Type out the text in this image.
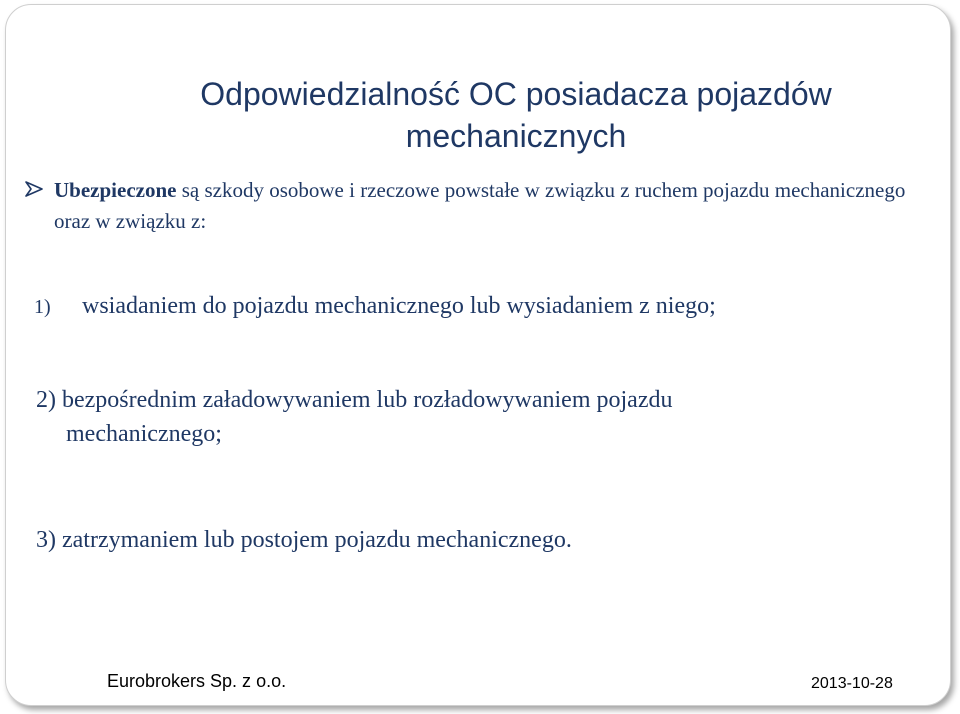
Odpowiedzialność OC posiadacza pojazdów
mechanicznych
Ubezpieczone są szkody osobowe i rzeczowe powstałe w związku z ruchem pojazdu mechanicznego oraz w związku z:
1) wsiadaniem do pojazdu mechanicznego lub wysiadaniem z niego;
2) bezpośrednim załadowywaniem lub rozładowywaniem pojazdu
mechanicznego;
3) zatrzymaniem lub postojem pojazdu mechanicznego.
Eurobrokers Sp. z o.o.	2013-10-28
